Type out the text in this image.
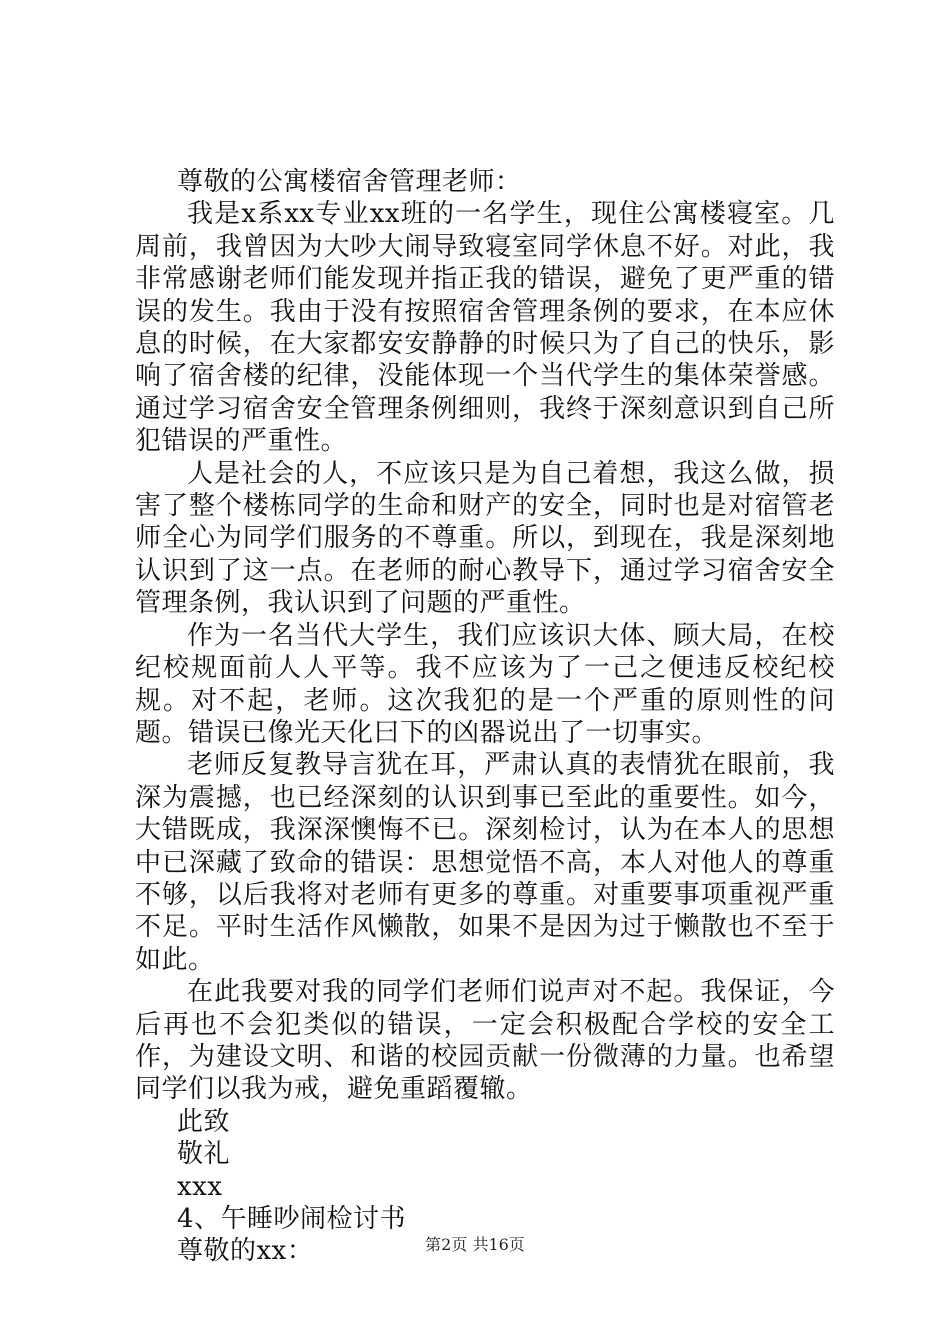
尊敬的公寓楼宿舍管理老师：

我是x系xx专业xx班的一名学生，现住公寓楼寝室。几周前，我曾因为大吵大闹导致寝室同学休息不好。对此，我非常感谢老师们能发现并指正我的错误，避免了更严重的错误的发生。我由于没有按照宿舍管理条例的要求，在本应休息的时候，在大家都安安静静的时候只为了自己的快乐，影响了宿舍楼的纪律，没能体现一个当代学生的集体荣誉感。通过学习宿舍安全管理条例细则，我终于深刻意识到自己所犯错误的严重性。

人是社会的人，不应该只是为自己着想，我这么做，损害了整个楼栋同学的生命和财产的安全，同时也是对宿管老师全心为同学们服务的不尊重。所以，到现在，我是深刻地认识到了这一点。在老师的耐心教导下，通过学习宿舍安全管理条例，我认识到了问题的严重性。

作为一名当代大学生，我们应该识大体、顾大局，在校纪校规面前人人平等。我不应该为了一己之便违反校纪校规。对不起，老师。这次我犯的是一个严重的原则性的问题。错误已像光天化曰下的凶器说出了一切事实。

老师反复教导言犹在耳，严肃认真的表情犹在眼前，我深为震撼，也已经深刻的认识到事已至此的重要性。如今，大错既成，我深深懊悔不已。深刻检讨，认为在本人的思想中已深藏了致命的错误：思想觉悟不高，本人对他人的尊重不够，以后我将对老师有更多的尊重。对重要事项重视严重不足。平时生活作风懒散，如果不是因为过于懒散也不至于如此。

在此我要对我的同学们老师们说声对不起。我保证，今后再也不会犯类似的错误，一定会积极配合学校的安全工作，为建设文明、和谐的校园贡献一份微薄的力量。也希望同学们以我为戒，避免重蹈覆辙。

此致

敬礼

xxx

4、午睡吵闹检讨书

尊敬的xx：	第2页 共16页
